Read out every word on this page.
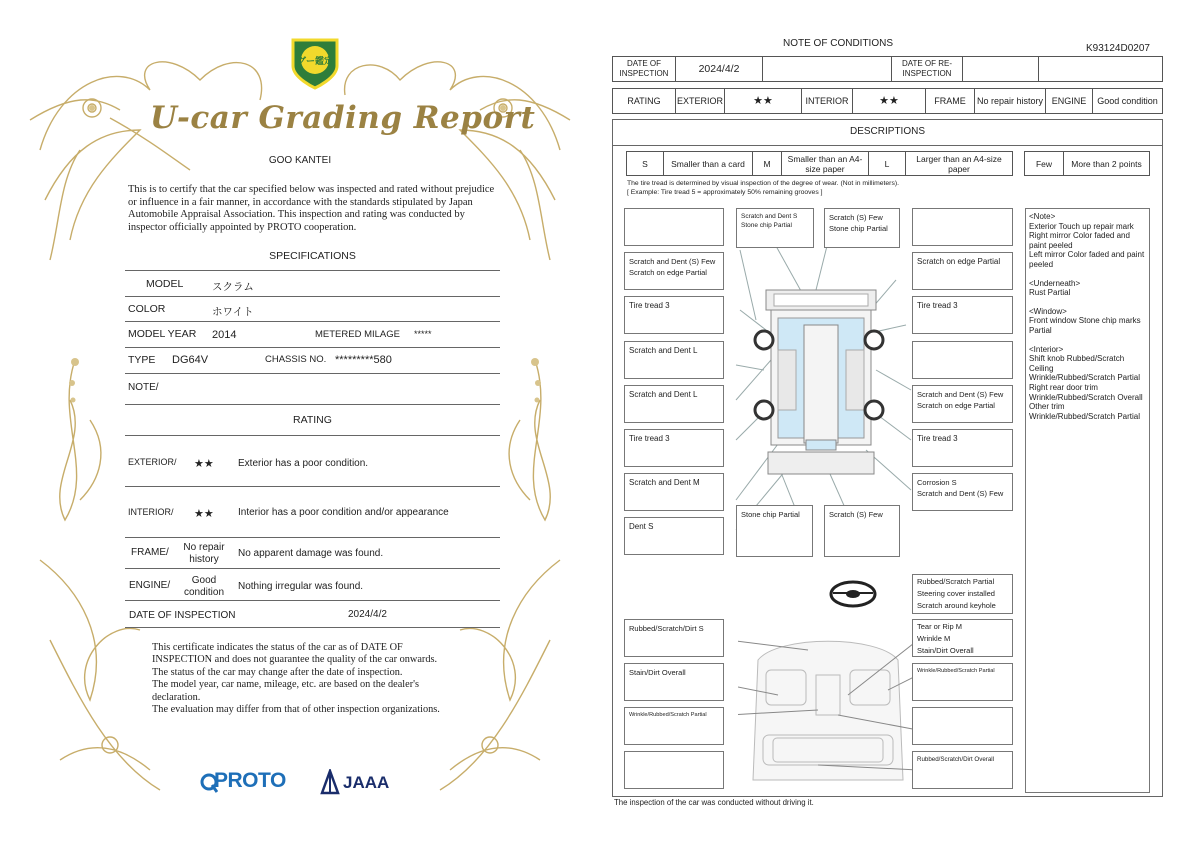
グー鑑定
U-car Grading Report
GOO KANTEI
This is to certify that the car specified below was inspected and rated without prejudice or influence in a fair manner, in accordance with the standards stipulated by Japan Automobile Appraisal Association. This inspection and rating was conducted by inspector officially appointed by PROTO cooperation.
SPECIFICATIONS
MODEL	スクラム
COLOR	ホワイト
MODEL YEAR 2014	METERED MILAGE *****
TYPE DG64V	CHASSIS NO. *********580
NOTE/
RATING
EXTERIOR/ ★★ Exterior has a poor condition.
INTERIOR/ ★★ Interior has a poor condition and/or appearance
FRAME/	No repair history
No apparent damage was found.
ENGINE/	Good condition
Nothing irregular was found.
DATE OF INSPECTION	2024/4/2
This certificate indicates the status of the car as of DATE OF
INSPECTION and does not guarantee the quality of the car onwards.
The status of the car may change after the date of inspection.
The model year, car name, mileage, etc. are based on the dealer's
declaration.
The evaluation may differ from that of other inspection organizations.
PROTO	JAAA
NOTE OF CONDITIONS	K93124D0207
DATE OF INSPECTION	2024/4/2		DATE OF RE-INSPECTION		
RATING	EXTERIOR	★★	INTERIOR	★★	FRAME	No repair history	ENGINE	Good condition
DESCRIPTIONS
S	Smaller than a card	M	Smaller than an A4-size paper	L	Larger than an A4-size paper	Few	More than 2 points
The tire tread is determined by visual inspection of the degree of wear. (Not in millimeters).
[ Example: Tire tread 5 = approximately 50% remaining grooves ]
Scratch and Dent S
Stone chip Partial
Scratch (S) Few
Stone chip Partial
Scratch and Dent (S) Few
Scratch on edge Partial
Scratch on edge Partial
Tire tread 3	Tire tread 3
Scratch and Dent L
Scratch and Dent L	Scratch and Dent (S) Few
Scratch on edge Partial
Tire tread 3	Tire tread 3
Scratch and Dent M	Corrosion S
Scratch and Dent (S) Few
Dent S
Stone chip Partial	Scratch (S) Few
Rubbed/Scratch Partial
Steering cover installed
Scratch around keyhole
Rubbed/Scratch/Dirt S	Tear or Rip M
Wrinkle M
Stain/Dirt Overall
Stain/Dirt Overall	Wrinkle/Rubbed/Scratch Partial
Wrinkle/Rubbed/Scratch Partial
Rubbed/Scratch/Dirt Overall
<Note>
Exterior Touch up repair mark
Right mirror Color faded and paint peeled
Left mirror Color faded and paint peeled
<Underneath>
Rust Partial
<Window>
Front window Stone chip marks Partial
<Interior>
Shift knob Rubbed/Scratch
Ceiling
Wrinkle/Rubbed/Scratch Partial
Right rear door trim
Wrinkle/Rubbed/Scratch Overall
Other trim
Wrinkle/Rubbed/Scratch Partial
The inspection of the car was conducted without driving it.
